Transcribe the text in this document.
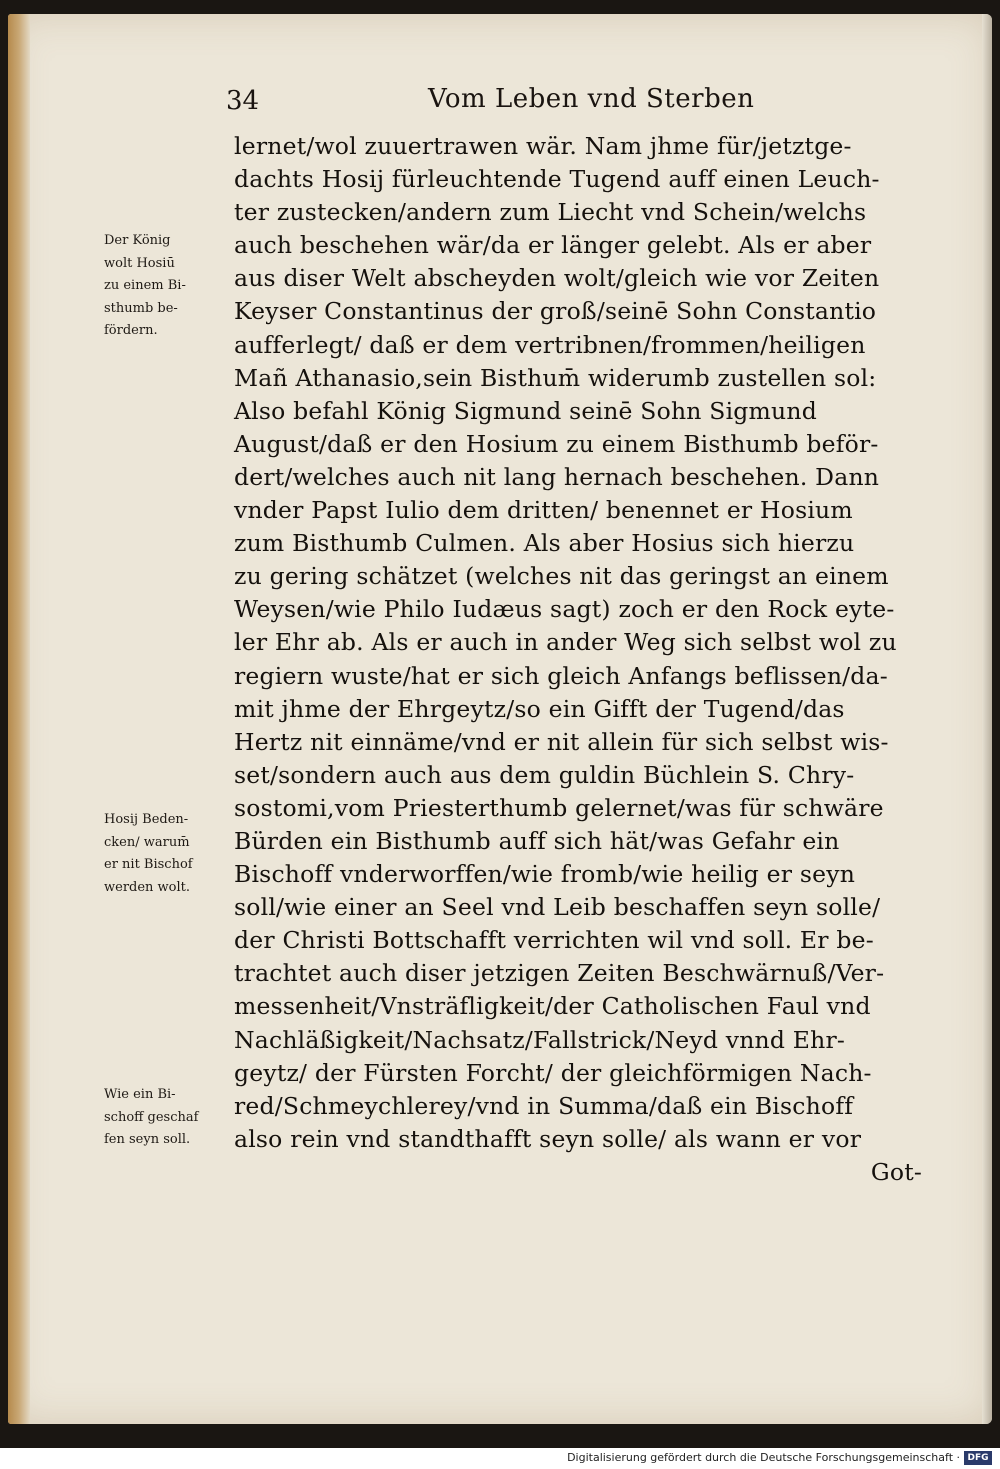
34	Vom Leben vnd Sterben
lernet/wol zuuertrawen wär. Nam jhme für/jetztge-
dachts Hosij fürleuchtende Tugend auff einen Leuch-
ter zustecken/andern zum Liecht vnd Schein/welchs
auch beschehen wär/da er länger gelebt. Als er aber
aus diser Welt abscheyden wolt/gleich wie vor Zeiten
Keyser Constantinus der groß/seinē Sohn Constantio
aufferlegt/ daß er dem vertribnen/frommen/heiligen
Mañ Athanasio,sein Bisthum̄ widerumb zustellen sol:
Also befahl König Sigmund seinē Sohn Sigmund
August/daß er den Hosium zu einem Bisthumb beför-
dert/welches auch nit lang hernach beschehen. Dann
vnder Papst Iulio dem dritten/ benennet er Hosium
zum Bisthumb Culmen. Als aber Hosius sich hierzu
zu gering schätzet (welches nit das geringst an einem
Weysen/wie Philo Iudæus sagt) zoch er den Rock eyte-
ler Ehr ab. Als er auch in ander Weg sich selbst wol zu
regiern wuste/hat er sich gleich Anfangs beflissen/da-
mit jhme der Ehrgeytz/so ein Gifft der Tugend/das
Hertz nit einnäme/vnd er nit allein für sich selbst wis-
set/sondern auch aus dem guldin Büchlein S. Chry-
sostomi,vom Priesterthumb gelernet/was für schwäre
Bürden ein Bisthumb auff sich hät/was Gefahr ein
Bischoff vnderworffen/wie fromb/wie heilig er seyn
soll/wie einer an Seel vnd Leib beschaffen seyn solle/
der Christi Bottschafft verrichten wil vnd soll. Er be-
trachtet auch diser jetzigen Zeiten Beschwärnuß/Ver-
messenheit/Vnsträfligkeit/der Catholischen Faul vnd
Nachläßigkeit/Nachsatz/Fallstrick/Neyd vnnd Ehr-
geytz/ der Fürsten Forcht/ der gleichförmigen Nach-
red/Schmeychlerey/vnd in Summa/daß ein Bischoff
also rein vnd standthafft seyn solle/ als wann er vor
Got-
Der König
wolt Hosiū
zu einem Bi-
sthumb be-
fördern.
Hosij Beden-
cken/ warum̄
er nit Bischof
werden wolt.
Wie ein Bi-
schoff geschaf
fen seyn soll.
Digitalisierung gefördert durch die Deutsche Forschungsgemeinschaft · DFG
